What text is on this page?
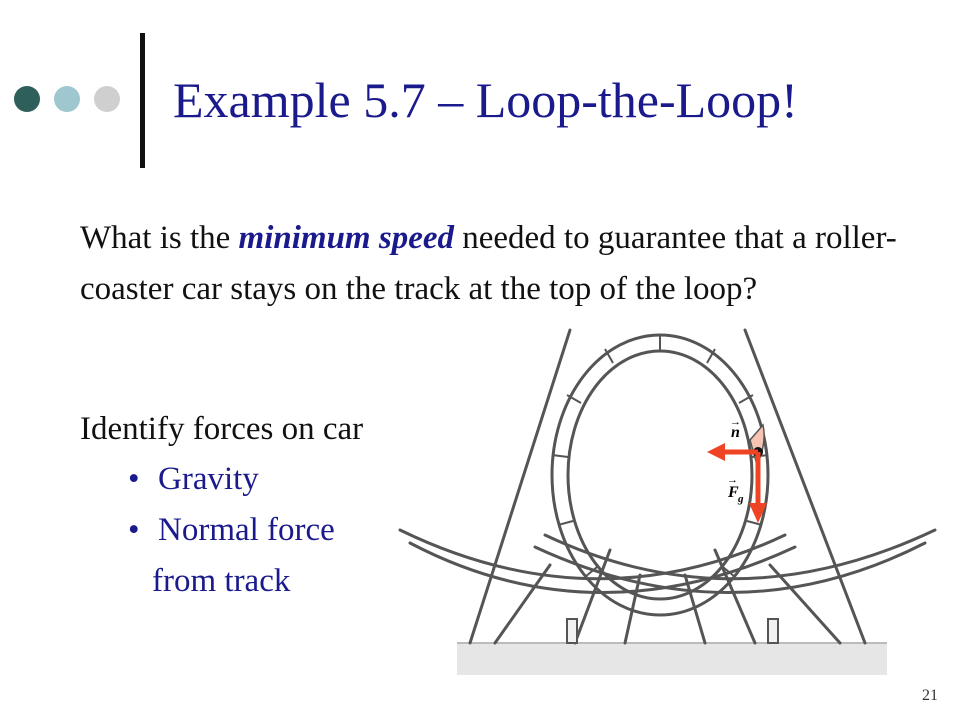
Example 5.7 – Loop-the-Loop!
What is the minimum speed needed to guarantee that a roller-coaster car stays on the track at the top of the loop?
Identify forces on car
• Gravity
• Normal force
from track
→
n
→
F g
21
